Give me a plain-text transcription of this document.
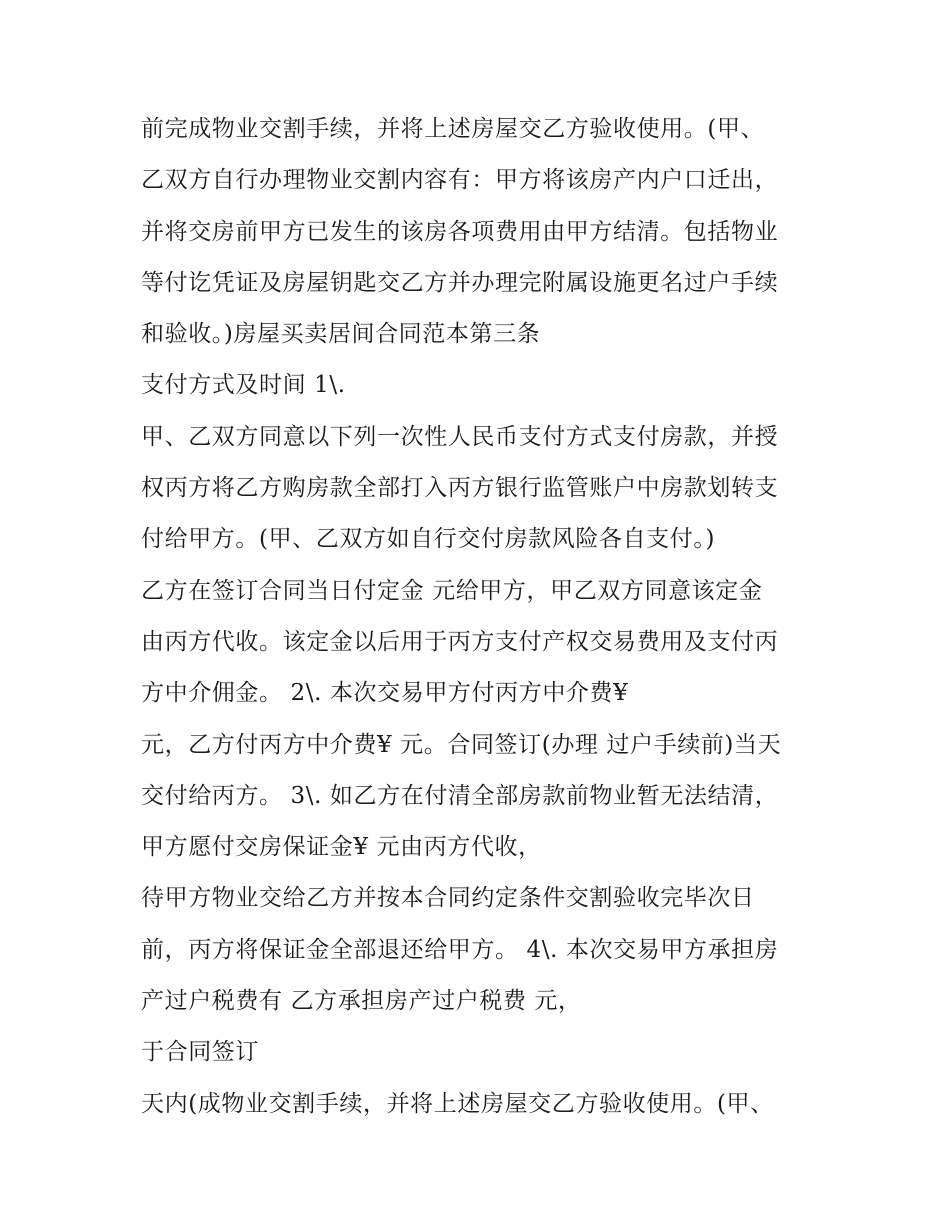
前完成物业交割手续，并将上述房屋交乙方验收使用。(甲、
乙双方自行办理物业交割内容有：甲方将该房产内户口迁出，
并将交房前甲方已发生的该房各项费用由甲方结清。包括物业
等付讫凭证及房屋钥匙交乙方并办理完附属设施更名过户手续
和验收。)房屋买卖居间合同范本第三条
支付方式及时间 1\.
甲、乙双方同意以下列一次性人民币支付方式支付房款，并授
权丙方将乙方购房款全部打入丙方银行监管账户中房款划转支
付给甲方。(甲、乙双方如自行交付房款风险各自支付。)
乙方在签订合同当日付定金 元给甲方，甲乙双方同意该定金
由丙方代收。该定金以后用于丙方支付产权交易费用及支付丙
方中介佣金。 2\. 本次交易甲方付丙方中介费¥
元，乙方付丙方中介费¥ 元。合同签订(办理 过户手续前)当天
交付给丙方。 3\. 如乙方在付清全部房款前物业暂无法结清，
甲方愿付交房保证金¥ 元由丙方代收，
待甲方物业交给乙方并按本合同约定条件交割验收完毕次日
前，丙方将保证金全部退还给甲方。 4\. 本次交易甲方承担房
产过户税费有 乙方承担房产过户税费 元，
于合同签订
天内(成物业交割手续，并将上述房屋交乙方验收使用。(甲、
